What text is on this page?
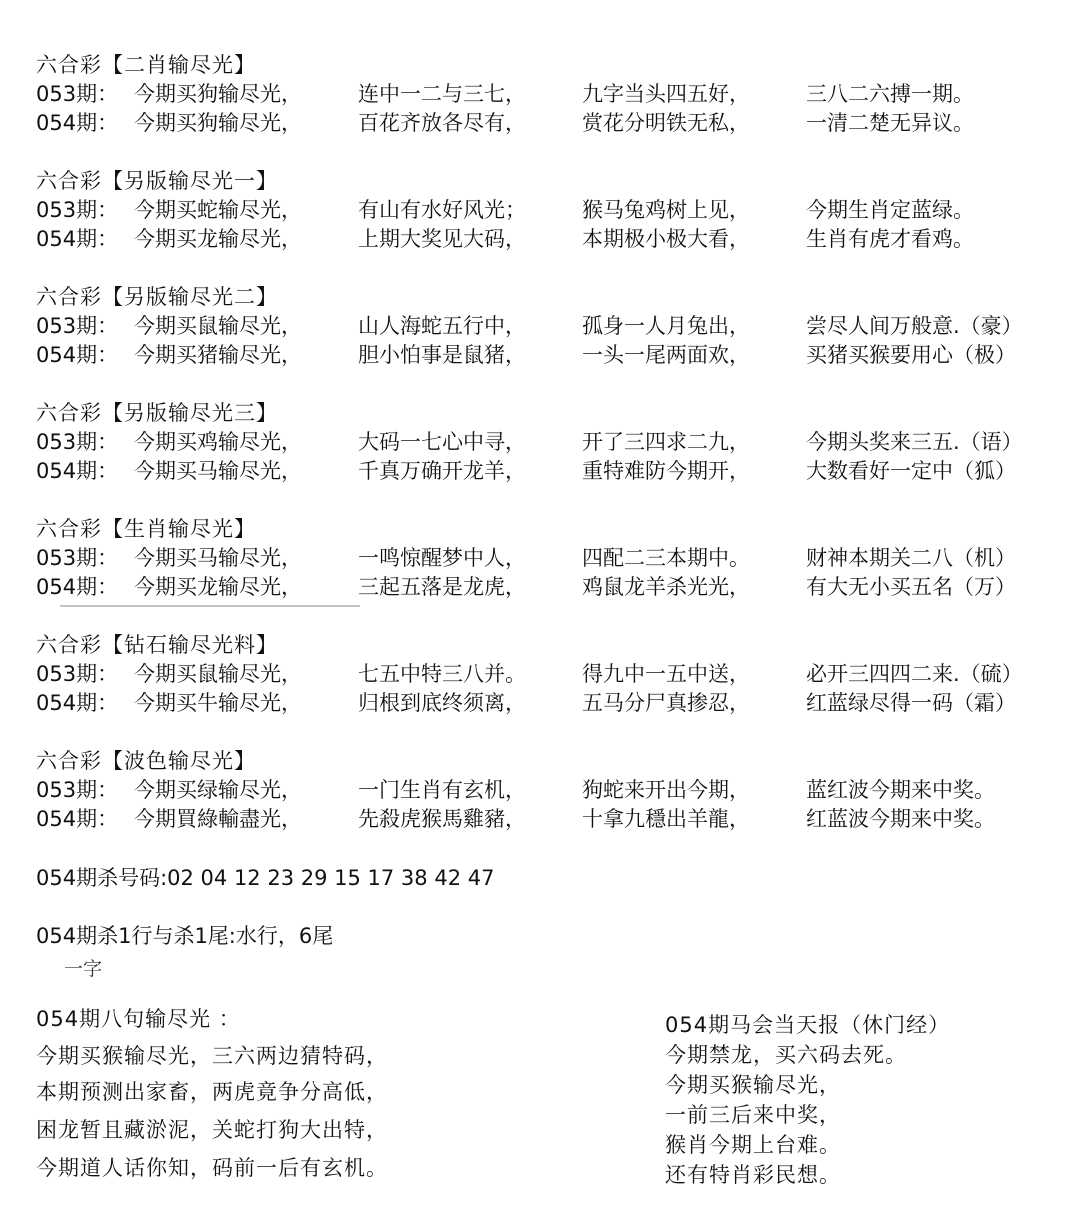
六合彩【二肖输尽光】
053期： 今期买狗输尽光，	连中一二与三七，	九字当头四五好，	三八二六搏一期。
054期： 今期买狗输尽光，	百花齐放各尽有，	赏花分明铁无私，	一清二楚无异议。
六合彩【另版输尽光一】
053期： 今期买蛇输尽光，	有山有水好风光；	猴马兔鸡树上见，	今期生肖定蓝绿。
054期： 今期买龙输尽光，	上期大奖见大码，	本期极小极大看，	生肖有虎才看鸡。
六合彩【另版输尽光二】
053期： 今期买鼠输尽光，	山人海蛇五行中，	孤身一人月兔出，	尝尽人间万般意.（豪）
054期： 今期买猪输尽光，	胆小怕事是鼠猪，	一头一尾两面欢，	买猪买猴要用心（极）
六合彩【另版输尽光三】
053期： 今期买鸡输尽光，	大码一七心中寻，	开了三四求二九，	今期头奖来三五.（语）
054期： 今期买马输尽光，	千真万确开龙羊，	重特难防今期开，	大数看好一定中（狐）
六合彩【生肖输尽光】
053期： 今期买马输尽光，	一鸣惊醒梦中人，	四配二三本期中。	财神本期关二八（机）
054期： 今期买龙输尽光，	三起五落是龙虎，	鸡鼠龙羊杀光光，	有大无小买五名（万）
六合彩【钻石输尽光料】
053期： 今期买鼠输尽光，	七五中特三八并。	得九中一五中送，	必开三四四二来.（硫）
054期： 今期买牛输尽光，	归根到底终须离，	五马分尸真掺忍，	红蓝绿尽得一码（霜）
六合彩【波色输尽光】
053期： 今期买绿输尽光，	一门生肖有玄机，	狗蛇来开出今期，	蓝红波今期来中奖。
054期： 今期買綠輸盡光，	先殺虎猴馬雞豬，	十拿九穩出羊龍，	红蓝波今期来中奖。
054期杀号码:02 04 12 23 29 15 17 38 42 47
054期杀1行与杀1尾:水行，6尾
一字
054期八句输尽光 ：
今期买猴输尽光，三六两边猜特码，
本期预测出家畜，两虎竟争分高低，
困龙暂且藏淤泥，关蛇打狗大出特，
今期道人话你知，码前一后有玄机。
054期马会当天报（休门经）
今期禁龙，买六码去死。
今期买猴输尽光，
一前三后来中奖，
猴肖今期上台难。
还有特肖彩民想。
